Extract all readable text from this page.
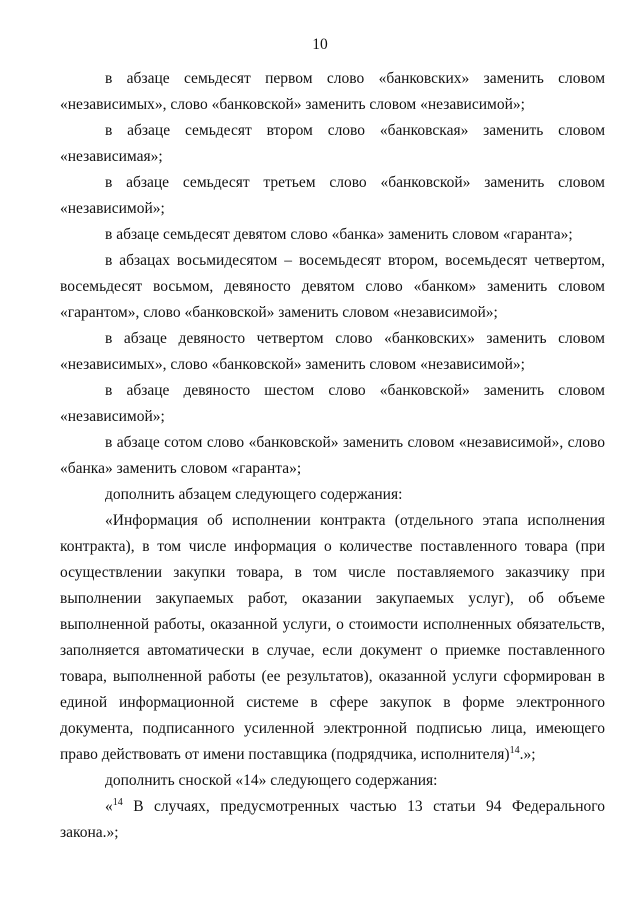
10

в абзаце семьдесят первом слово «банковских» заменить словом «независимых», слово «банковской» заменить словом «независимой»;

в абзаце семьдесят втором слово «банковская» заменить словом «независимая»;

в абзаце семьдесят третьем слово «банковской» заменить словом «независимой»;

в абзаце семьдесят девятом слово «банка» заменить словом «гаранта»;

в абзацах восьмидесятом – восемьдесят втором, восемьдесят четвертом, восемьдесят восьмом, девяносто девятом слово «банком» заменить словом «гарантом», слово «банковской» заменить словом «независимой»;

в абзаце девяносто четвертом слово «банковских» заменить словом «независимых», слово «банковской» заменить словом «независимой»;

в абзаце девяносто шестом слово «банковской» заменить словом «независимой»;

в абзаце сотом слово «банковской» заменить словом «независимой», слово «банка» заменить словом «гаранта»;

дополнить абзацем следующего содержания:

«Информация об исполнении контракта (отдельного этапа исполнения контракта), в том числе информация о количестве поставленного товара (при осуществлении закупки товара, в том числе поставляемого заказчику при выполнении закупаемых работ, оказании закупаемых услуг), об объеме выполненной работы, оказанной услуги, о стоимости исполненных обязательств, заполняется автоматически в случае, если документ о приемке поставленного товара, выполненной работы (ее результатов), оказанной услуги сформирован в единой информационной системе в сфере закупок в форме электронного документа, подписанного усиленной электронной подписью лица, имеющего право действовать от имени поставщика (подрядчика, исполнителя)$^{14}$.»;

дополнить сноской «14» следующего содержания:

«$^{14}$ В случаях, предусмотренных частью 13 статьи 94 Федерального закона.»;
